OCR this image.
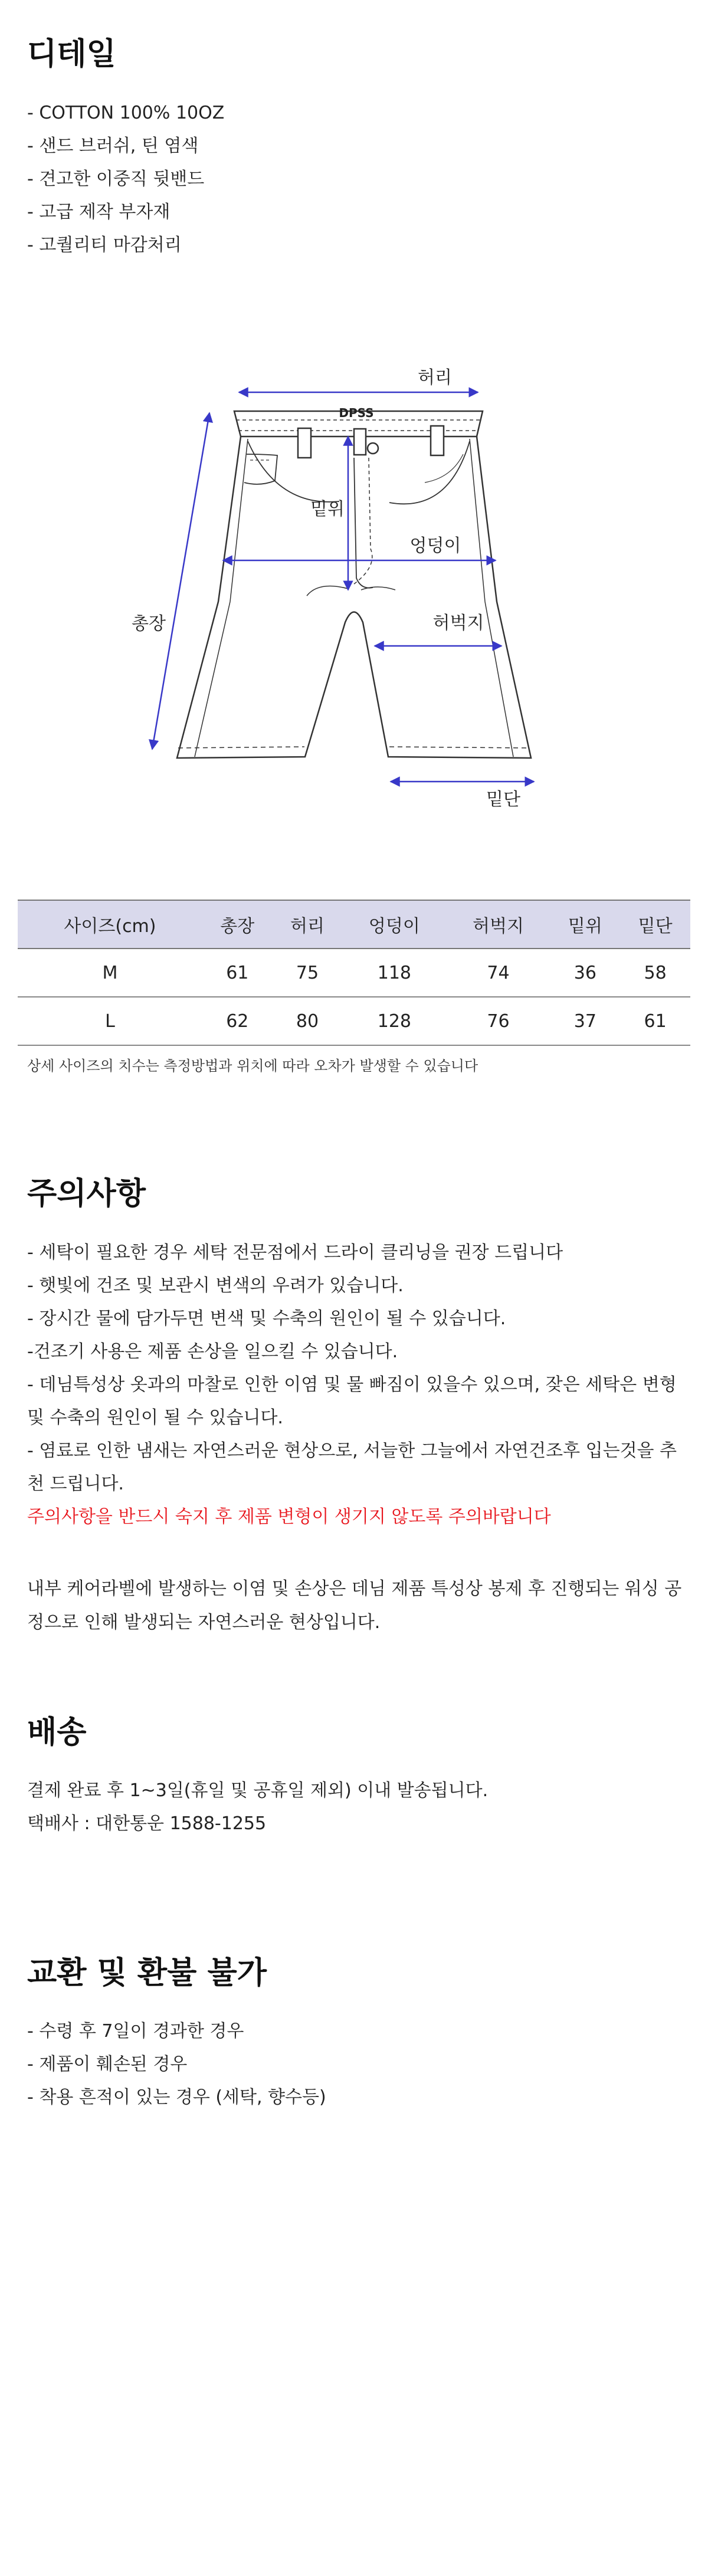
디테일
- COTTON 100% 10OZ
- 샌드 브러쉬, 틴 염색
- 견고한 이중직 뒷밴드
- 고급 제작 부자재
- 고퀄리티 마감처리
DPSS
허리
밑위
엉덩이
총장	허벅지
밑단
사이즈(cm)	총장	허리	엉덩이	허벅지	밑위	밑단
M	61	75	118	74	36	58
L	62	80	128	76	37	61

상세 사이즈의 치수는 측정방법과 위치에 따라 오차가 발생할 수 있습니다

주의사항
- 세탁이 필요한 경우 세탁 전문점에서 드라이 클리닝을 권장 드립니다
- 햇빛에 건조 및 보관시 변색의 우려가 있습니다.
- 장시간 물에 담가두면 변색 및 수축의 원인이 될 수 있습니다.
-건조기 사용은 제품 손상을 일으킬 수 있습니다.
- 데님특성상 옷과의 마찰로 인한 이염 및 물 빠짐이 있을수 있으며, 잦은 세탁은 변형 및 수축의 원인이 될 수 있습니다.
- 염료로 인한 냄새는 자연스러운 현상으로, 서늘한 그늘에서 자연건조후 입는것을 추천 드립니다.
주의사항을 반드시 숙지 후 제품 변형이 생기지 않도록 주의바랍니다

내부 케어라벨에 발생하는 이염 및 손상은 데님 제품 특성상 봉제 후 진행되는 워싱 공정으로 인해 발생되는 자연스러운 현상입니다.

배송
결제 완료 후 1~3일(휴일 및 공휴일 제외) 이내 발송됩니다.
택배사 : 대한통운 1588-1255
교환 및 환불 불가
- 수령 후 7일이 경과한 경우
- 제품이 훼손된 경우
- 착용 흔적이 있는 경우 (세탁, 향수등)
